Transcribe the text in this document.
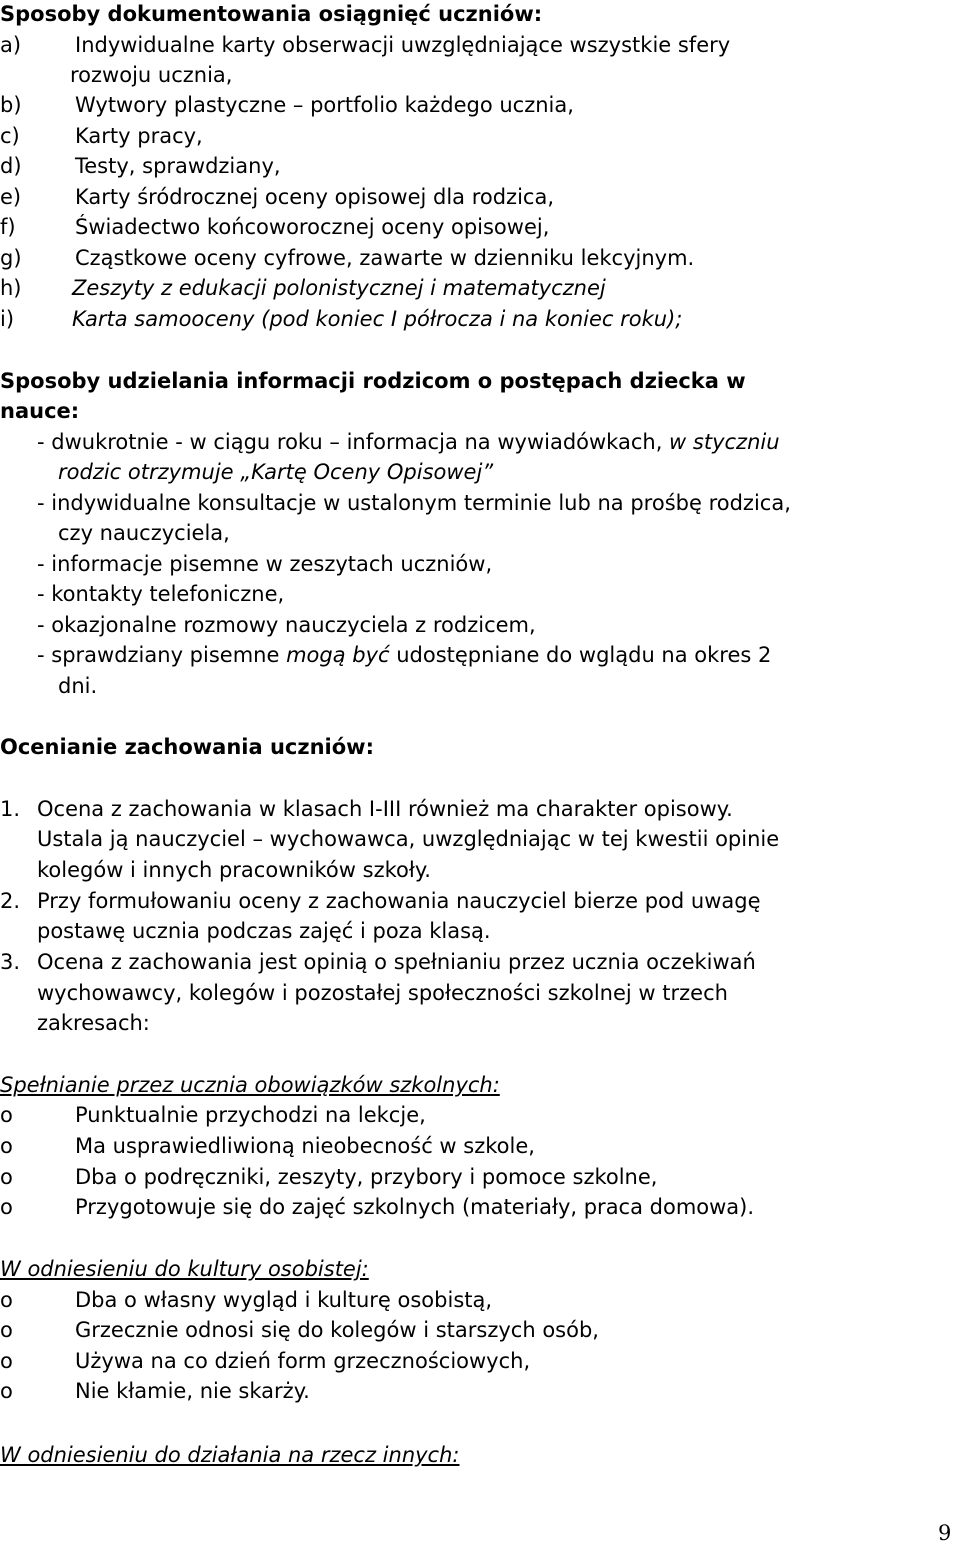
Sposoby dokumentowania osiągnięć uczniów:
a)	Indywidualne karty obserwacji uwzględniające wszystkie sfery
rozwoju ucznia,
b)	Wytwory plastyczne – portfolio każdego ucznia,
c)	Karty pracy,
d)	Testy, sprawdziany,
e)	Karty śródrocznej oceny opisowej dla rodzica,
f)	Świadectwo końcoworocznej oceny opisowej,
g)	Cząstkowe oceny cyfrowe, zawarte w dzienniku lekcyjnym.
h) Zeszyty z edukacji polonistycznej i matematycznej
i)	Karta samooceny (pod koniec I półrocza i na koniec roku);
Sposoby udzielania informacji rodzicom o postępach dziecka w
nauce:
- dwukrotnie - w ciągu roku – informacja na wywiadówkach, w styczniu
rodzic otrzymuje „Kartę Oceny Opisowej”
- indywidualne konsultacje w ustalonym terminie lub na prośbę rodzica,
czy nauczyciela,
- informacje pisemne w zeszytach uczniów,
- kontakty telefoniczne,
- okazjonalne rozmowy nauczyciela z rodzicem,
- sprawdziany pisemne mogą być udostępniane do wglądu na okres 2
dni.
Ocenianie zachowania uczniów:
1. Ocena z zachowania w klasach I-III również ma charakter opisowy.
Ustala ją nauczyciel – wychowawca, uwzględniając w tej kwestii opinie
kolegów i innych pracowników szkoły.
2. Przy formułowaniu oceny z zachowania nauczyciel bierze pod uwagę
postawę ucznia podczas zajęć i poza klasą.
3. Ocena z zachowania jest opinią o spełnianiu przez ucznia oczekiwań
wychowawcy, kolegów i pozostałej społeczności szkolnej w trzech
zakresach:
Spełnianie przez ucznia obowiązków szkolnych:
o	Punktualnie przychodzi na lekcje,
o	Ma usprawiedliwioną nieobecność w szkole,
o	Dba o podręczniki, zeszyty, przybory i pomoce szkolne,
o	Przygotowuje się do zajęć szkolnych (materiały, praca domowa).
W odniesieniu do kultury osobistej:
o	Dba o własny wygląd i kulturę osobistą,
o	Grzecznie odnosi się do kolegów i starszych osób,
o	Używa na co dzień form grzecznościowych,
o	Nie kłamie, nie skarży.
W odniesieniu do działania na rzecz innych:
9
